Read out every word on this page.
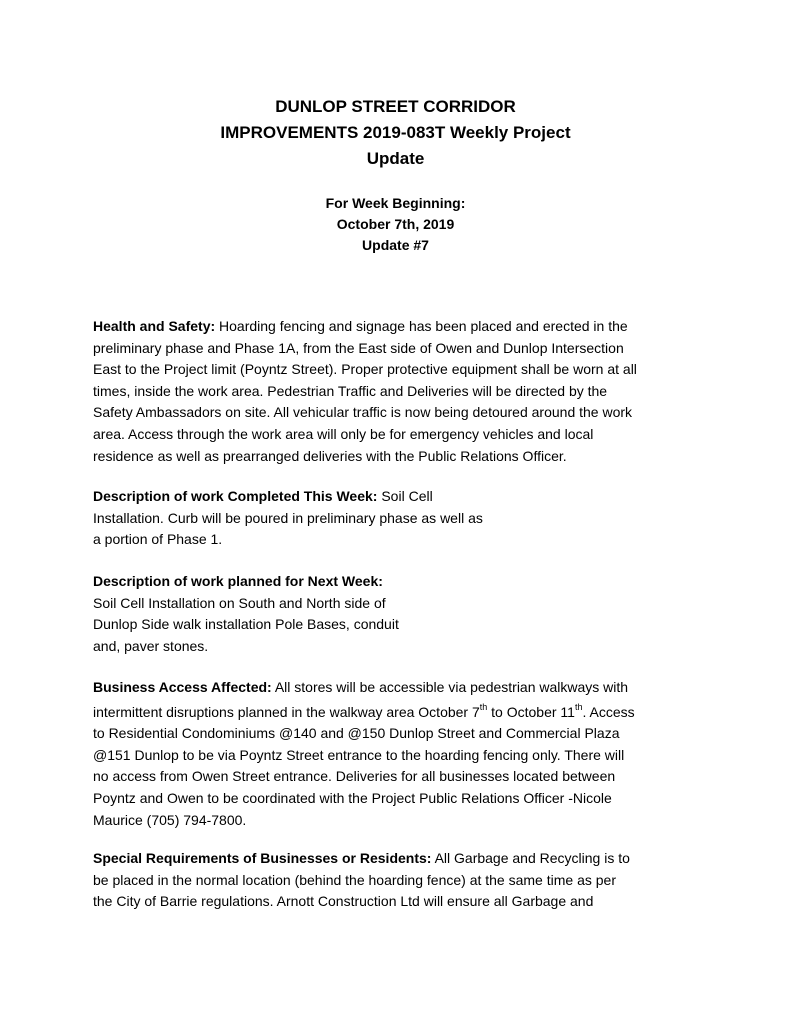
DUNLOP STREET CORRIDOR
IMPROVEMENTS 2019-083T Weekly Project
Update
For Week Beginning:
October 7th, 2019
Update #7
Health and Safety: Hoarding fencing and signage has been placed and erected in the
preliminary phase and Phase 1A, from the East side of Owen and Dunlop Intersection
East to the Project limit (Poyntz Street). Proper protective equipment shall be worn at all
times, inside the work area. Pedestrian Traffic and Deliveries will be directed by the
Safety Ambassadors on site. All vehicular traffic is now being detoured around the work
area. Access through the work area will only be for emergency vehicles and local
residence as well as prearranged deliveries with the Public Relations Officer.
Description of work Completed This Week: Soil Cell
Installation. Curb will be poured in preliminary phase as well as
a portion of Phase 1.
Description of work planned for Next Week:
Soil Cell Installation on South and North side of
Dunlop Side walk installation Pole Bases, conduit
and, paver stones.
Business Access Affected: All stores will be accessible via pedestrian walkways with
intermittent disruptions planned in the walkway area October 7th to October 11th. Access
to Residential Condominiums @140 and @150 Dunlop Street and Commercial Plaza
@151 Dunlop to be via Poyntz Street entrance to the hoarding fencing only. There will
no access from Owen Street entrance. Deliveries for all businesses located between
Poyntz and Owen to be coordinated with the Project Public Relations Officer -Nicole
Maurice (705) 794-7800.
Special Requirements of Businesses or Residents: All Garbage and Recycling is to
be placed in the normal location (behind the hoarding fence) at the same time as per
the City of Barrie regulations. Arnott Construction Ltd will ensure all Garbage and
